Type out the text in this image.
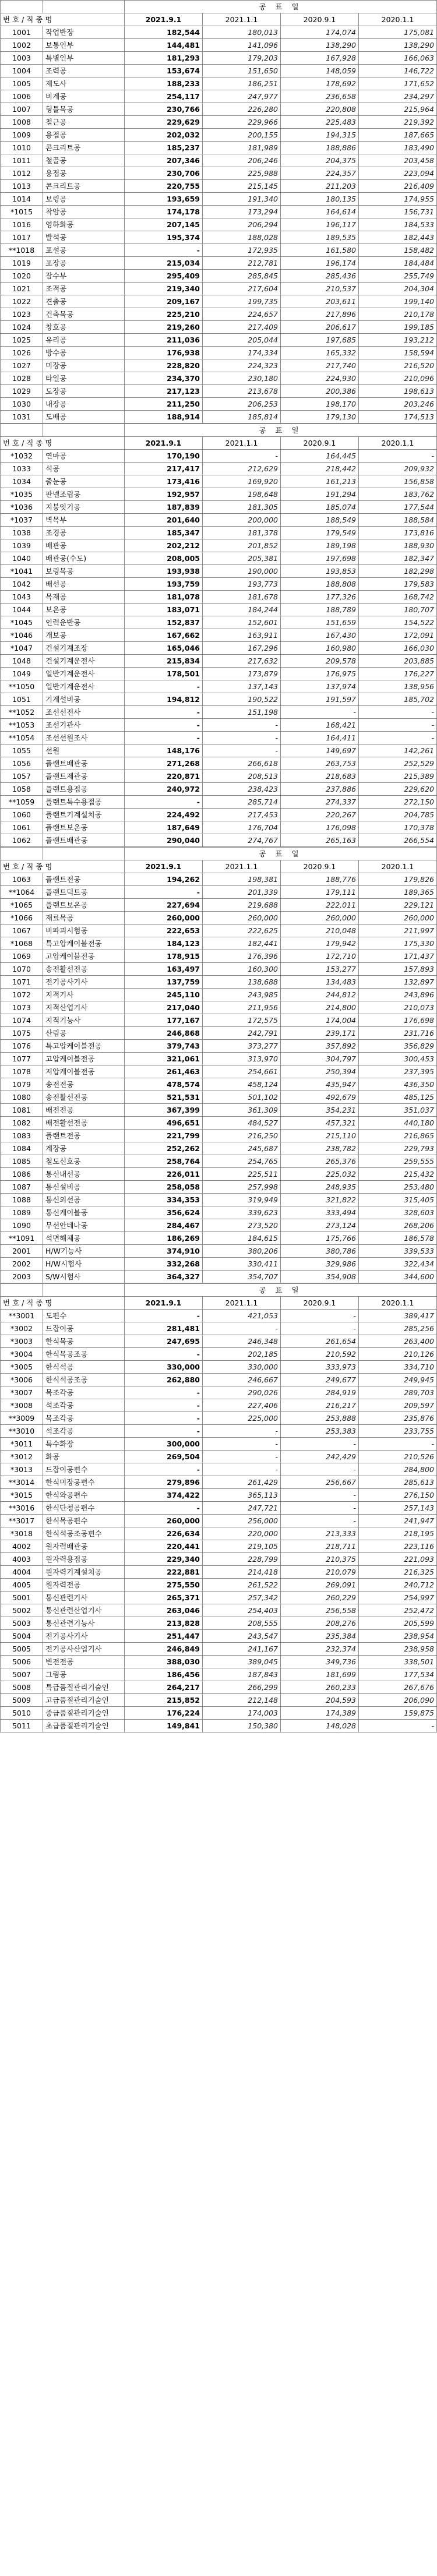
		공 표 일			
번 호 / 직 종 명		2021.9.1	2021.1.1	2020.9.1	2020.1.1
1001	작업반장	182,544	180,013	174,074	175,081
1002	보통인부	144,481	141,096	138,290	138,290
1003	특별인부	181,293	179,203	167,928	166,063
1004	조력공	153,674	151,650	148,059	146,722
1005	제도사	188,233	186,251	178,692	171,652
1006	비계공	254,117	247,977	236,658	234,297
1007	형틀목공	230,766	226,280	220,808	215,964
1008	철근공	229,629	229,966	225,483	219,392
1009	용접공	202,032	200,155	194,315	187,665
1010	콘크리트공	185,237	181,989	188,886	183,490
1011	철골공	207,346	206,246	204,375	203,458
1012	용접공	230,706	225,988	224,357	223,094
1013	콘크리트공	220,755	215,145	211,203	216,409
1014	보링공	193,659	191,340	180,135	174,955
*1015	착암공	174,178	173,294	164,614	156,731
1016	영하화공	207,145	206,294	196,117	184,533
1017	발석공	195,374	188,028	189,535	182,443
**1018	포설공	-	172,935	161,580	158,482
1019	포장공	215,034	212,781	196,174	184,484
1020	잠수부	295,409	285,845	285,436	255,749
1021	조적공	219,340	217,604	210,537	204,304
1022	견출공	209,167	199,735	203,611	199,140
1023	건축목공	225,210	224,657	217,896	210,178
1024	창호공	219,260	217,409	206,617	199,185
1025	유리공	211,036	205,044	197,685	193,212
1026	방수공	176,938	174,334	165,332	158,594
1027	미장공	228,820	224,323	217,740	216,520
1028	타일공	234,370	230,180	224,930	210,096
1029	도장공	217,123	213,678	200,386	198,613
1030	내장공	211,250	206,253	198,170	203,246
1031	도배공	188,914	185,814	179,130	174,513
		공 표 일			
번 호 / 직 종 명		2021.9.1	2021.1.1	2020.9.1	2020.1.1
*1032	연마공	170,190	-	164,445	-
1033	석공	217,417	212,629	218,442	209,932
1034	줄눈공	173,416	169,920	161,213	156,858
*1035	판넬조립공	192,957	198,648	191,294	183,762
*1036	지붕잇기공	187,839	181,305	185,074	177,544
*1037	벽목부	201,640	200,000	188,549	188,584
1038	조경공	185,347	181,378	179,549	173,816
1039	배관공	202,212	201,852	189,198	188,930
1040	배관공(수도)	208,005	205,381	197,698	182,347
*1041	보링목공	193,938	190,000	193,853	182,298
1042	배선공	193,759	193,773	188,808	179,583
1043	목재공	181,078	181,678	177,326	168,742
1044	보온공	183,071	184,244	188,789	180,707
*1045	인력운반공	152,837	152,601	151,659	154,522
*1046	개보공	167,662	163,911	167,430	172,091
*1047	건설기계조장	165,046	167,296	160,980	166,030
1048	건설기계운전사	215,834	217,632	209,578	203,885
1049	일반기계운전사	178,501	173,879	176,975	176,227
**1050	일반기계운전사	-	137,143	137,974	138,956
1051	기계설비공	194,812	190,522	191,597	185,702
**1052	조선선전사	-	151,198	-	-
**1053	조선기관사	-	-	168,421	-
**1054	조선선원조사	-	-	164,411	-
1055	선원	148,176	-	149,697	142,261
1056	플랜트배관공	271,268	266,618	263,753	252,529
1057	플랜트제관공	220,871	208,513	218,683	215,389
1058	플랜트용접공	240,972	238,423	237,886	229,620
**1059	플랜트특수용접공	-	285,714	274,337	272,150
1060	플랜트기계설치공	224,492	217,453	220,267	204,785
1061	플랜트보온공	187,649	176,704	176,098	170,378
1062	플랜트배관공	290,040	274,767	265,163	266,554
		공 표 일			
번 호 / 직 종 명		2021.9.1	2021.1.1	2020.9.1	2020.1.1
1063	플랜트전공	194,262	198,381	188,776	179,826
**1064	플랜트덕트공	-	201,339	179,111	189,365
*1065	플랜트보온공	227,694	219,688	222,011	229,121
*1066	재료목공	260,000	260,000	260,000	260,000
1067	비파괴시험공	222,653	222,625	210,048	211,997
*1068	특고압케이블전공	184,123	182,441	179,942	175,330
1069	고압케이블전공	178,915	176,396	172,710	171,437
1070	송전활선전공	163,497	160,300	153,277	157,893
1071	전기공사기사	137,759	138,688	134,483	132,897
1072	지적기사	245,110	243,985	244,812	243,896
1073	지적산업기사	217,040	211,956	214,800	210,073
1074	지적기능사	177,167	172,575	174,004	176,698
1075	산림공	246,868	242,791	239,171	231,716
1076	특고압케이블전공	379,743	373,277	357,892	356,829
1077	고압케이블전공	321,061	313,970	304,797	300,453
1078	저압케이블전공	261,463	254,661	250,394	237,395
1079	송전전공	478,574	458,124	435,947	436,350
1080	송전활선전공	521,531	501,102	492,679	485,125
1081	배전전공	367,399	361,309	354,231	351,037
1082	배전활선전공	496,651	484,527	457,321	440,180
1083	플랜트전공	221,799	216,250	215,110	216,865
1084	계장공	252,262	245,687	238,782	229,793
1085	철도신호공	258,764	254,765	265,376	259,555
1086	통신내선공	226,011	225,511	225,032	215,432
1087	통신설비공	258,058	257,998	248,935	253,480
1088	통신외선공	334,353	319,949	321,822	315,405
1089	통신케이블공	356,624	339,623	333,494	328,603
1090	무선안테나공	284,467	273,520	273,124	268,206
**1091	석면해체공	186,269	184,615	175,766	186,578
2001	H/W기능사	374,910	380,206	380,786	339,533
2002	H/W시험사	332,268	330,411	329,986	322,434
2003	S/W시험사	364,327	354,707	354,908	344,600
		공 표 일			
번 호 / 직 종 명		2021.9.1	2021.1.1	2020.9.1	2020.1.1
**3001	도편수	-	421,053	-	389,417
*3002	드잡이공	281,481	-	-	285,256
*3003	한식목공	247,695	246,348	261,654	263,400
*3004	한식목공조공	-	202,185	210,592	210,126
*3005	한식석공	330,000	330,000	333,973	334,710
*3006	한식석공조공	262,880	246,667	249,677	249,945
*3007	목조각공	-	290,026	284,919	289,703
*3008	석조각공	-	227,406	216,217	209,597
**3009	목조각공	-	225,000	253,888	235,876
**3010	석조각공	-	-	253,383	233,755
*3011	특수화장	300,000	-	-	-
*3012	화공	269,504	-	242,429	210,526
*3013	드잡이공편수	-	-	-	284,800
**3014	한식미장공편수	279,896	261,429	256,667	285,613
*3015	한식와공편수	374,422	365,113	-	276,150
**3016	한식단청공편수	-	247,721	-	257,143
**3017	한식목공편수	260,000	256,000	-	241,947
*3018	한식석공조공편수	226,634	220,000	213,333	218,195
4002	원자력배관공	220,441	219,105	218,711	223,116
4003	원자력용접공	229,340	228,799	210,375	221,093
4004	원자력기계설치공	222,881	214,418	210,079	216,325
4005	원자력전공	275,550	261,522	269,091	240,712
5001	통신관련기사	265,371	257,342	260,229	254,997
5002	통신관련산업기사	263,046	254,403	256,558	252,472
5003	통신관련기능사	213,828	208,555	208,276	205,599
5004	전기공사기사	251,447	243,547	235,384	238,954
5005	전기공사산업기사	246,849	241,167	232,374	238,958
5006	변전전공	388,030	389,045	349,736	338,501
5007	그림공	186,456	187,843	181,699	177,534
5008	특급품질관리기술인	264,217	266,299	260,233	267,676
5009	고급품질관리기술인	215,852	212,148	204,593	206,090
5010	중급품질관리기술인	176,224	174,003	174,389	159,875
5011	초급품질관리기술인	149,841	150,380	148,028	-
